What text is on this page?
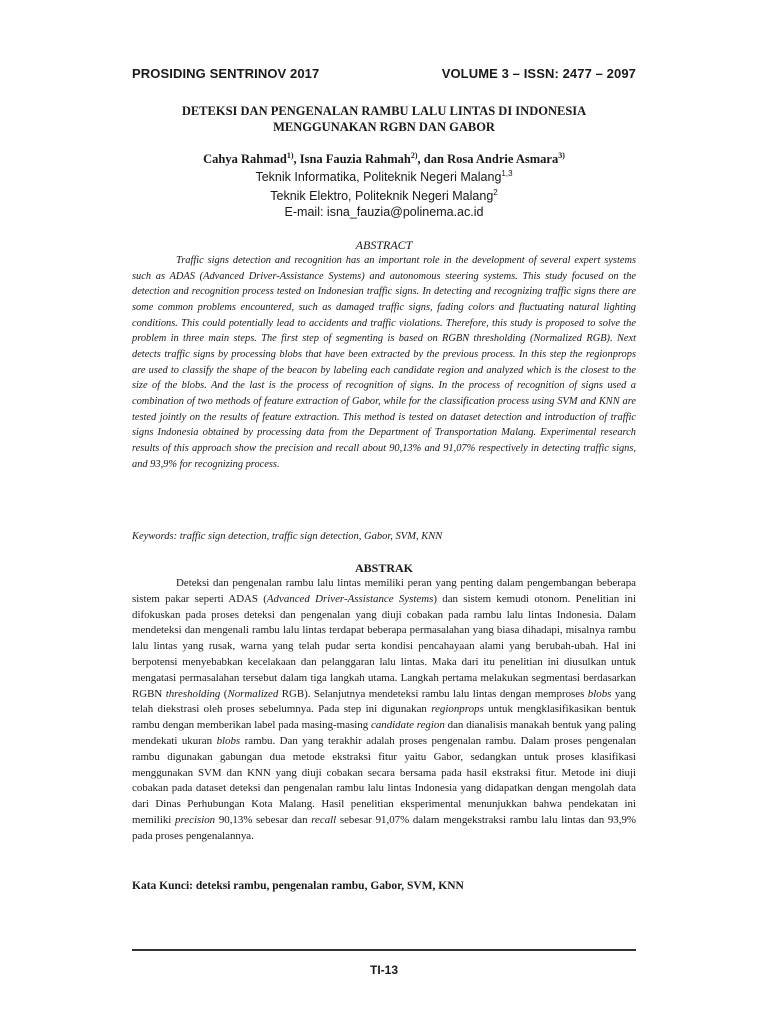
PROSIDING SENTRINOV 2017	VOLUME 3 – ISSN: 2477 – 2097
DETEKSI DAN PENGENALAN RAMBU LALU LINTAS DI INDONESIA
MENGGUNAKAN RGBN DAN GABOR
Cahya Rahmad$^{1)}$, Isna Fauzia Rahmah$^{2)}$, dan Rosa Andrie Asmara$^{3)}$
Teknik Informatika, Politeknik Negeri Malang$^{1,3}$
Teknik Elektro, Politeknik Negeri Malang$^2$
E-mail: isna_fauzia@polinema.ac.id
ABSTRACT

Traffic signs detection and recognition has an important role in the development of several expert systems such as ADAS (Advanced Driver-Assistance Systems) and autonomous steering systems. This study focused on the detection and recognition process tested on Indonesian traffic signs. In detecting and recognizing traffic signs there are some common problems encountered, such as damaged traffic signs, fading colors and fluctuating natural lighting conditions. This could potentially lead to accidents and traffic violations. Therefore, this study is proposed to solve the problem in three main steps. The first step of segmenting is based on RGBN thresholding (Normalized RGB). Next detects traffic signs by processing blobs that have been extracted by the previous process. In this step the regionprops are used to classify the shape of the beacon by labeling each candidate region and analyzed which is the closest to the size of the blobs. And the last is the process of recognition of signs. In the process of recognition of signs used a combination of two methods of feature extraction of Gabor, while for the classification process using SVM and KNN are tested jointly on the results of feature extraction. This method is tested on dataset detection and introduction of traffic signs Indonesia obtained by processing data from the Department of Transportation Malang. Experimental research results of this approach show the precision and recall about 90,13% and 91,07% respectively in detecting traffic signs, and 93,9% for recognizing process.

Keywords: traffic sign detection, traffic sign detection, Gabor, SVM, KNN
ABSTRAK

Deteksi dan pengenalan rambu lalu lintas memiliki peran yang penting dalam pengembangan beberapa sistem pakar seperti ADAS (Advanced Driver-Assistance Systems) dan sistem kemudi otonom. Penelitian ini difokuskan pada proses deteksi dan pengenalan yang diuji cobakan pada rambu lalu lintas Indonesia. Dalam mendeteksi dan mengenali rambu lalu lintas terdapat beberapa permasalahan yang biasa dihadapi, misalnya rambu lalu lintas yang rusak, warna yang telah pudar serta kondisi pencahayaan alami yang berubah-ubah. Hal ini berpotensi menyebabkan kecelakaan dan pelanggaran lalu lintas. Maka dari itu penelitian ini diusulkan untuk mengatasi permasalahan tersebut dalam tiga langkah utama. Langkah pertama melakukan segmentasi berdasarkan RGBN thresholding (Normalized RGB). Selanjutnya mendeteksi rambu lalu lintas dengan memproses blobs yang telah diekstrasi oleh proses sebelumnya. Pada step ini digunakan regionprops untuk mengklasifikasikan bentuk rambu dengan memberikan label pada masing-masing candidate region dan dianalisis manakah bentuk yang paling mendekati ukuran blobs rambu. Dan yang terakhir adalah proses pengenalan rambu. Dalam proses pengenalan rambu digunakan gabungan dua metode ekstraksi fitur yaitu Gabor, sedangkan untuk proses klasifikasi menggunakan SVM dan KNN yang diuji cobakan secara bersama pada hasil ekstraksi fitur. Metode ini diuji cobakan pada dataset deteksi dan pengenalan rambu lalu lintas Indonesia yang didapatkan dengan mengolah data dari Dinas Perhubungan Kota Malang. Hasil penelitian eksperimental menunjukkan bahwa pendekatan ini memiliki precision 90,13% sebesar dan recall sebesar 91,07% dalam mengekstraksi rambu lalu lintas dan 93,9% pada proses pengenalannya.

Kata Kunci: deteksi rambu, pengenalan rambu, Gabor, SVM, KNN
TI-13
